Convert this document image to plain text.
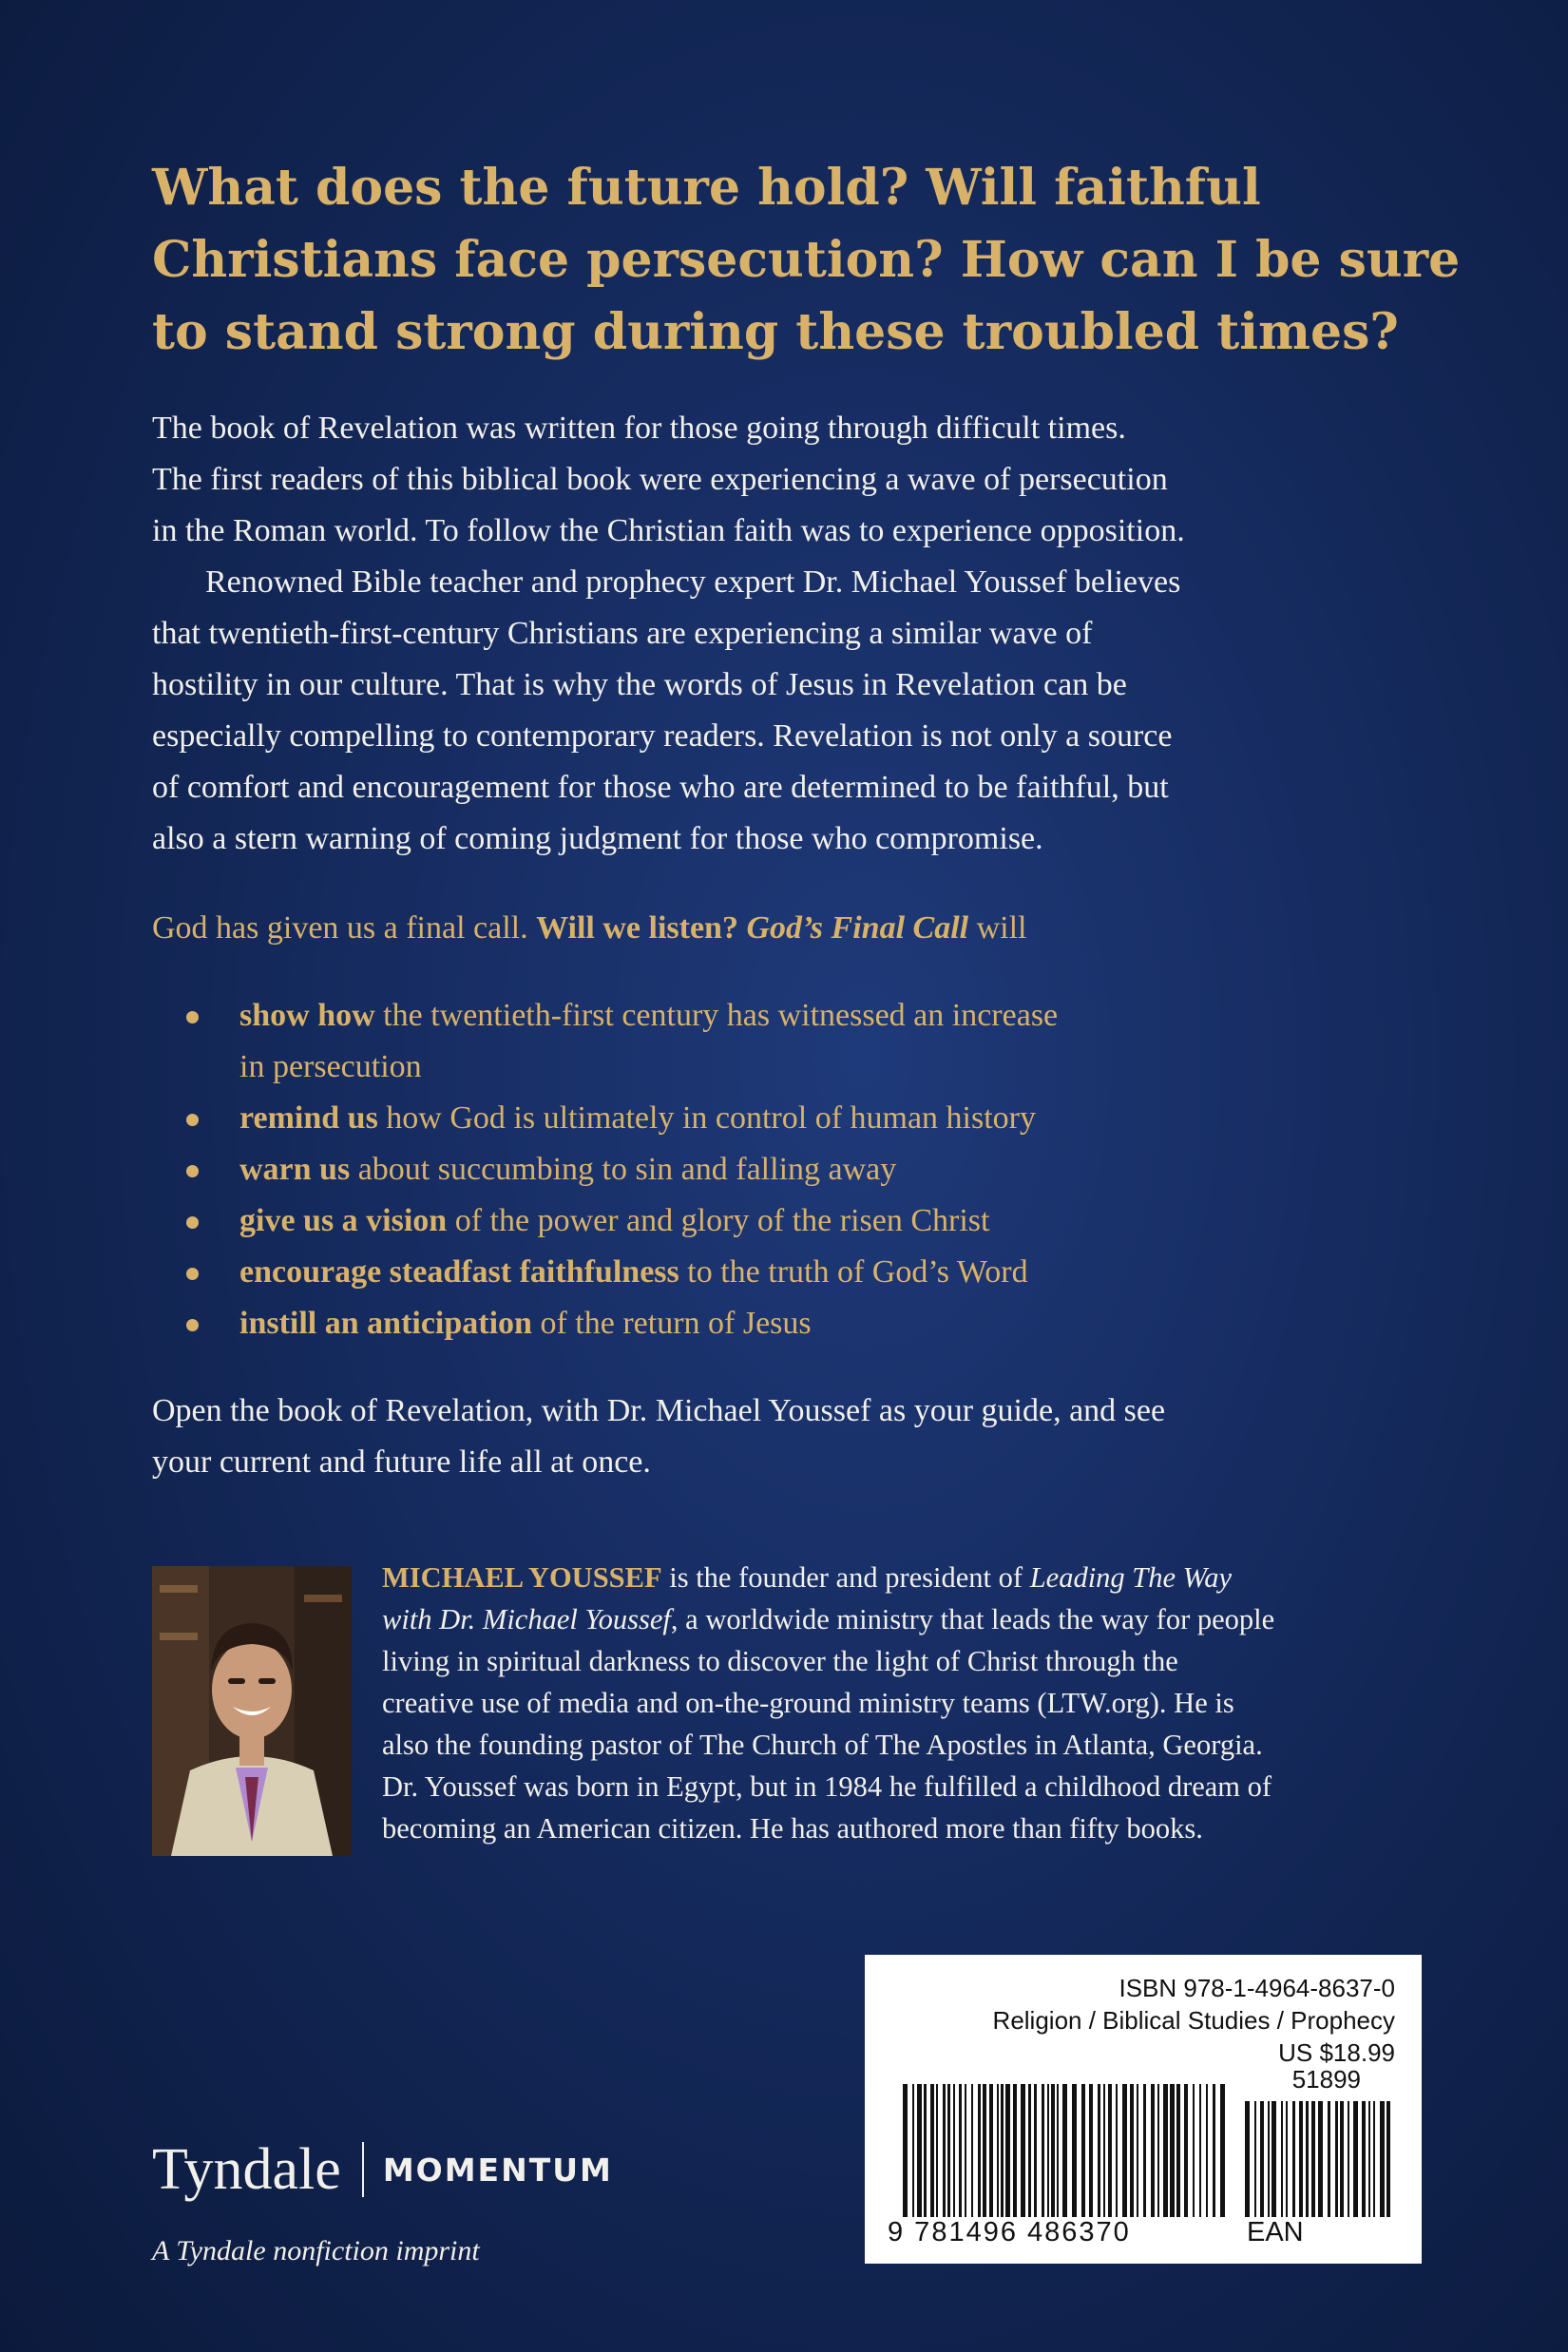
What does the future hold? Will faithful
Christians face persecution? How can I be sure
to stand strong during these troubled times?

The book of Revelation was written for those going through difficult times.
The first readers of this biblical book were experiencing a wave of persecution
in the Roman world. To follow the Christian faith was to experience opposition.
Renowned Bible teacher and prophecy expert Dr. Michael Youssef believes
that twentieth-first-century Christians are experiencing a similar wave of
hostility in our culture. That is why the words of Jesus in Revelation can be
especially compelling to contemporary readers. Revelation is not only a source
of comfort and encouragement for those who are determined to be faithful, but
also a stern warning of coming judgment for those who compromise.

God has given us a final call. Will we listen? God’s Final Call will
show how the twentieth-first century has witnessed an increase
in persecution
remind us how God is ultimately in control of human history
warn us about succumbing to sin and falling away
give us a vision of the power and glory of the risen Christ
encourage steadfast faithfulness to the truth of God’s Word
instill an anticipation of the return of Jesus

Open the book of Revelation, with Dr. Michael Youssef as your guide, and see
your current and future life all at once.

MICHAEL YOUSSEF is the founder and president of Leading The Way
with Dr. Michael Youssef, a worldwide ministry that leads the way for people
living in spiritual darkness to discover the light of Christ through the
creative use of media and on-the-ground ministry teams (LTW.org). He is
also the founding pastor of The Church of The Apostles in Atlanta, Georgia.
Dr. Youssef was born in Egypt, but in 1984 he fulfilled a childhood dream of
becoming an American citizen. He has authored more than fifty books.

Tyndale MOMENTUM
A Tyndale nonfiction imprint
ISBN 978-1-4964-8637-0
Religion / Biblical Studies / Prophecy
US $18.99
51899
9 781496 486370	EAN
